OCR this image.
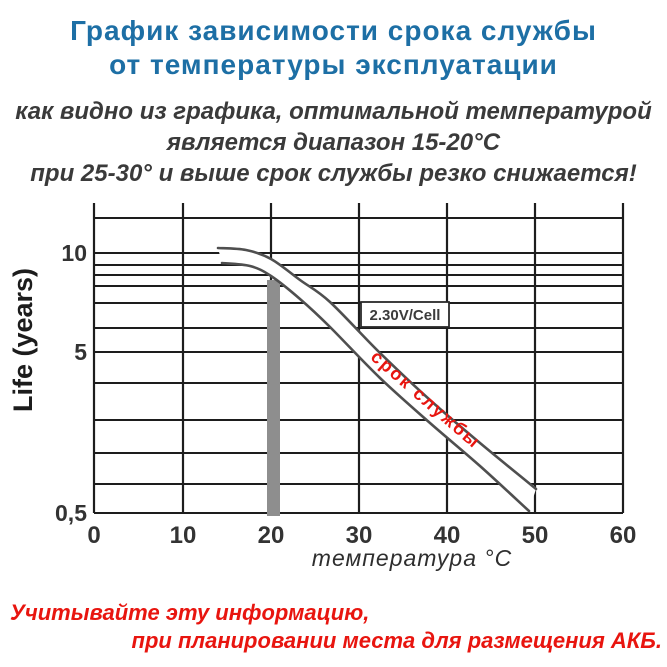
График зависимости срока службы
от температуры эксплуатации
как видно из графика, оптимальной температурой
является диапазон 15-20°C
при 25-30° и выше срок службы резко снижается!
0	10	20	30	40	50	60
10
5
0,5
Life (years)
температура °C
2.30V/Cell
срок службы
Учитывайте эту информацию,
при планировании места для размещения АКБ.
